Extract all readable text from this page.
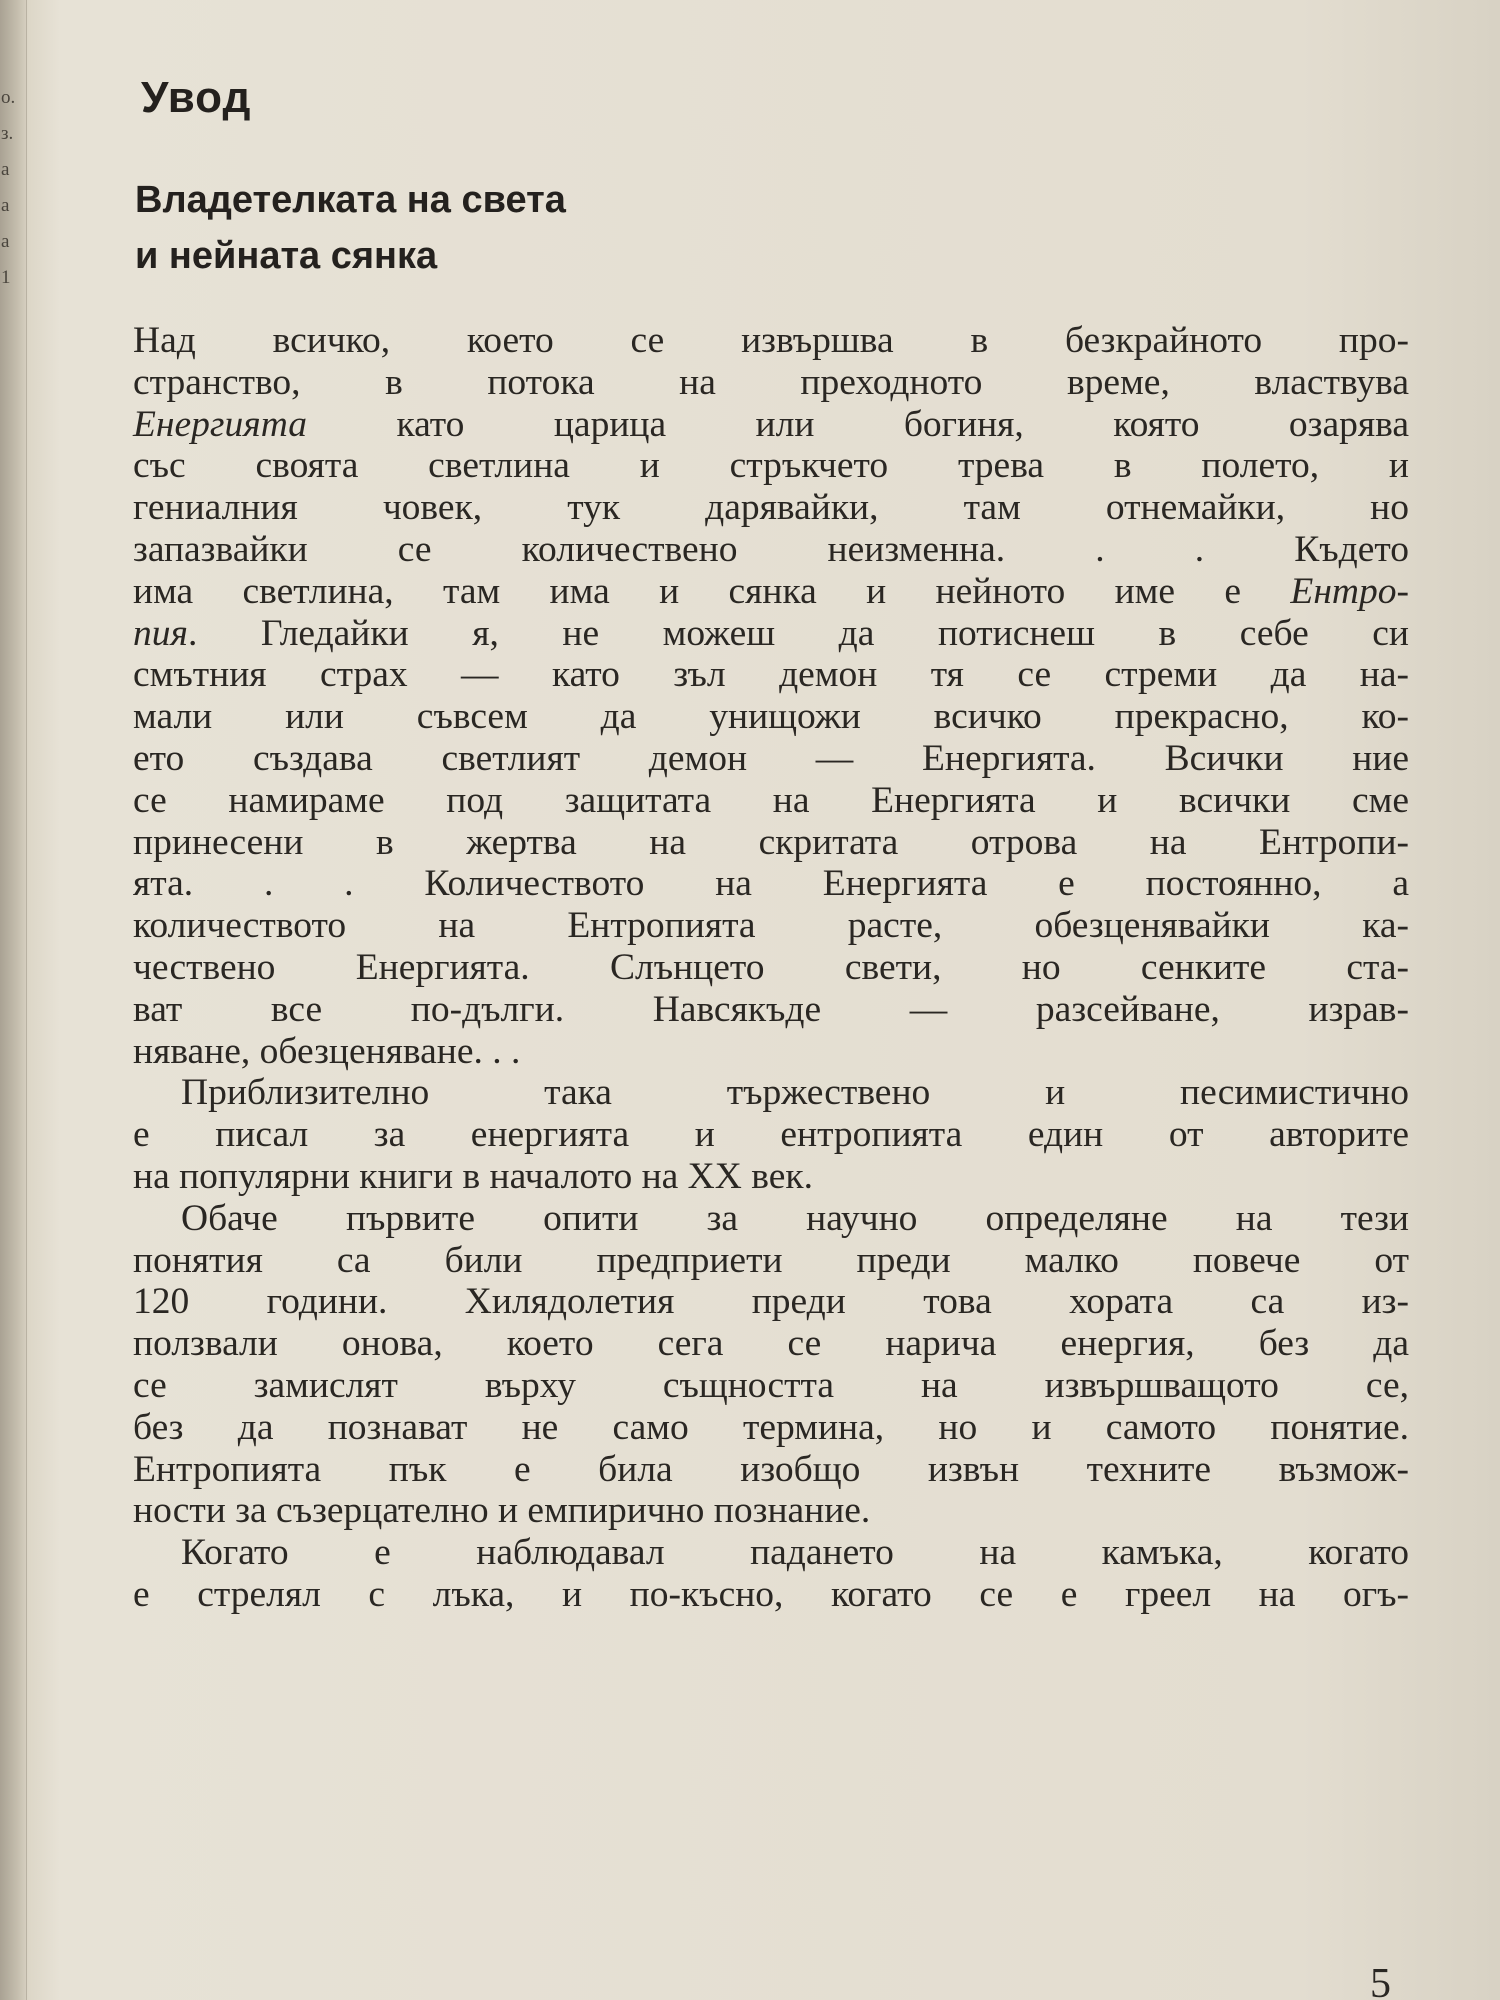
о.
з.
а
а
а
1
Увод
Владетелката на света
и нейната сянка
Над всичко, което се извършва в безкрайното про-
странство, в потока на преходното време, властвува
Енергията като царица или богиня, която озарява
със своята светлина и стръкчето трева в полето, и
гениалния човек, тук дарявайки, там отнемайки, но
запазвайки се количествено неизменна. . . Където
има светлина, там има и сянка и нейното име е Ентро-
пия. Гледайки я, не можеш да потиснеш в себе си
смътния страх — като зъл демон тя се стреми да на-
мали или съвсем да унищожи всичко прекрасно, ко-
ето създава светлият демон — Енергията. Всички ние
се намираме под защитата на Енергията и всички сме
принесени в жертва на скритата отрова на Ентропи-
ята. . . Количеството на Енергията е постоянно, а
количеството на Ентропията расте, обезценявайки ка-
чествено Енергията. Слънцето свети, но сенките ста-
ват все по-дълги. Навсякъде — разсейване, израв-
няване, обезценяване. . .
Приблизително така тържествено и песимистично
е писал за енергията и ентропията един от авторите
на популярни книги в началото на XX век.
Обаче първите опити за научно определяне на тези
понятия са били предприети преди малко повече от
120 години. Хилядолетия преди това хората са из-
ползвали онова, което сега се нарича енергия, без да
се замислят върху същността на извършващото се,
без да познават не само термина, но и самото понятие.
Ентропията пък е била изобщо извън техните възмож-
ности за съзерцателно и емпирично познание.
Когато е наблюдавал падането на камъка, когато
е стрелял с лъка, и по-късно, когато се е греел на огъ-
5
